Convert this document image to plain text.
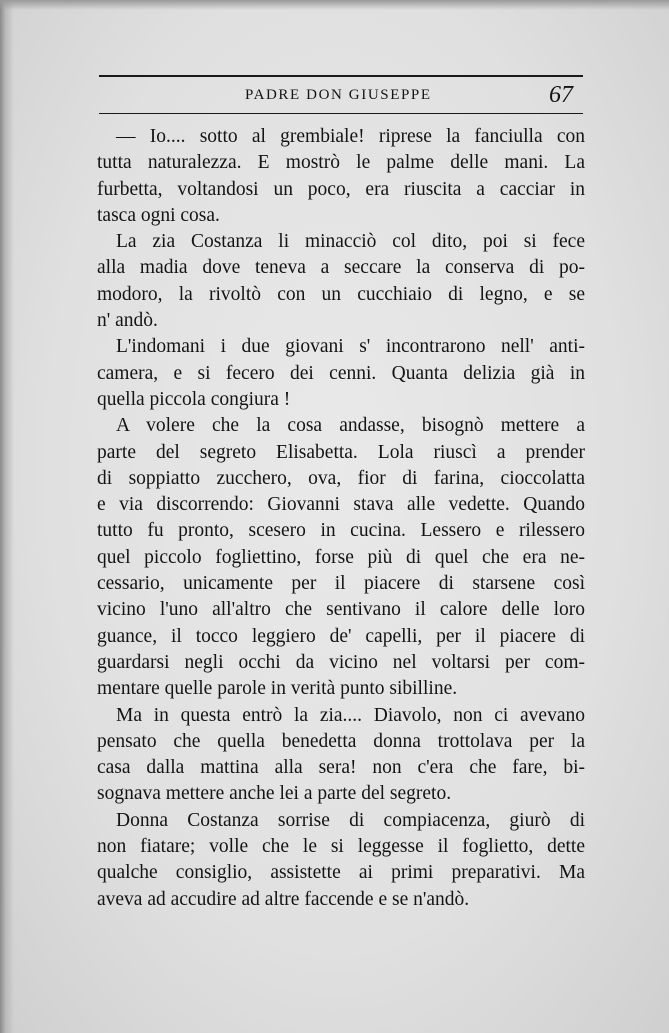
PADRE DON GIUSEPPE	67
— Io.... sotto al grembiale! riprese la fanciulla con
tutta naturalezza. E mostrò le palme delle mani. La
furbetta, voltandosi un poco, era riuscita a cacciar in
tasca ogni cosa.
La zia Costanza li minacciò col dito, poi si fece
alla madia dove teneva a seccare la conserva di po-
modoro, la rivoltò con un cucchiaio di legno, e se
n' andò.
L'indomani i due giovani s' incontrarono nell' anti-
camera, e si fecero dei cenni. Quanta delizia già in
quella piccola congiura !
A volere che la cosa andasse, bisognò mettere a
parte del segreto Elisabetta. Lola riuscì a prender
di soppiatto zucchero, ova, fior di farina, cioccolatta
e via discorrendo: Giovanni stava alle vedette. Quando
tutto fu pronto, scesero in cucina. Lessero e rilessero
quel piccolo fogliettino, forse più di quel che era ne-
cessario, unicamente per il piacere di starsene così
vicino l'uno all'altro che sentivano il calore delle loro
guance, il tocco leggiero de' capelli, per il piacere di
guardarsi negli occhi da vicino nel voltarsi per com-
mentare quelle parole in verità punto sibilline.
Ma in questa entrò la zia.... Diavolo, non ci avevano
pensato che quella benedetta donna trottolava per la
casa dalla mattina alla sera! non c'era che fare, bi-
sognava mettere anche lei a parte del segreto.
Donna Costanza sorrise di compiacenza, giurò di
non fiatare; volle che le si leggesse il foglietto, dette
qualche consiglio, assistette ai primi preparativi. Ma
aveva ad accudire ad altre faccende e se n'andò.
